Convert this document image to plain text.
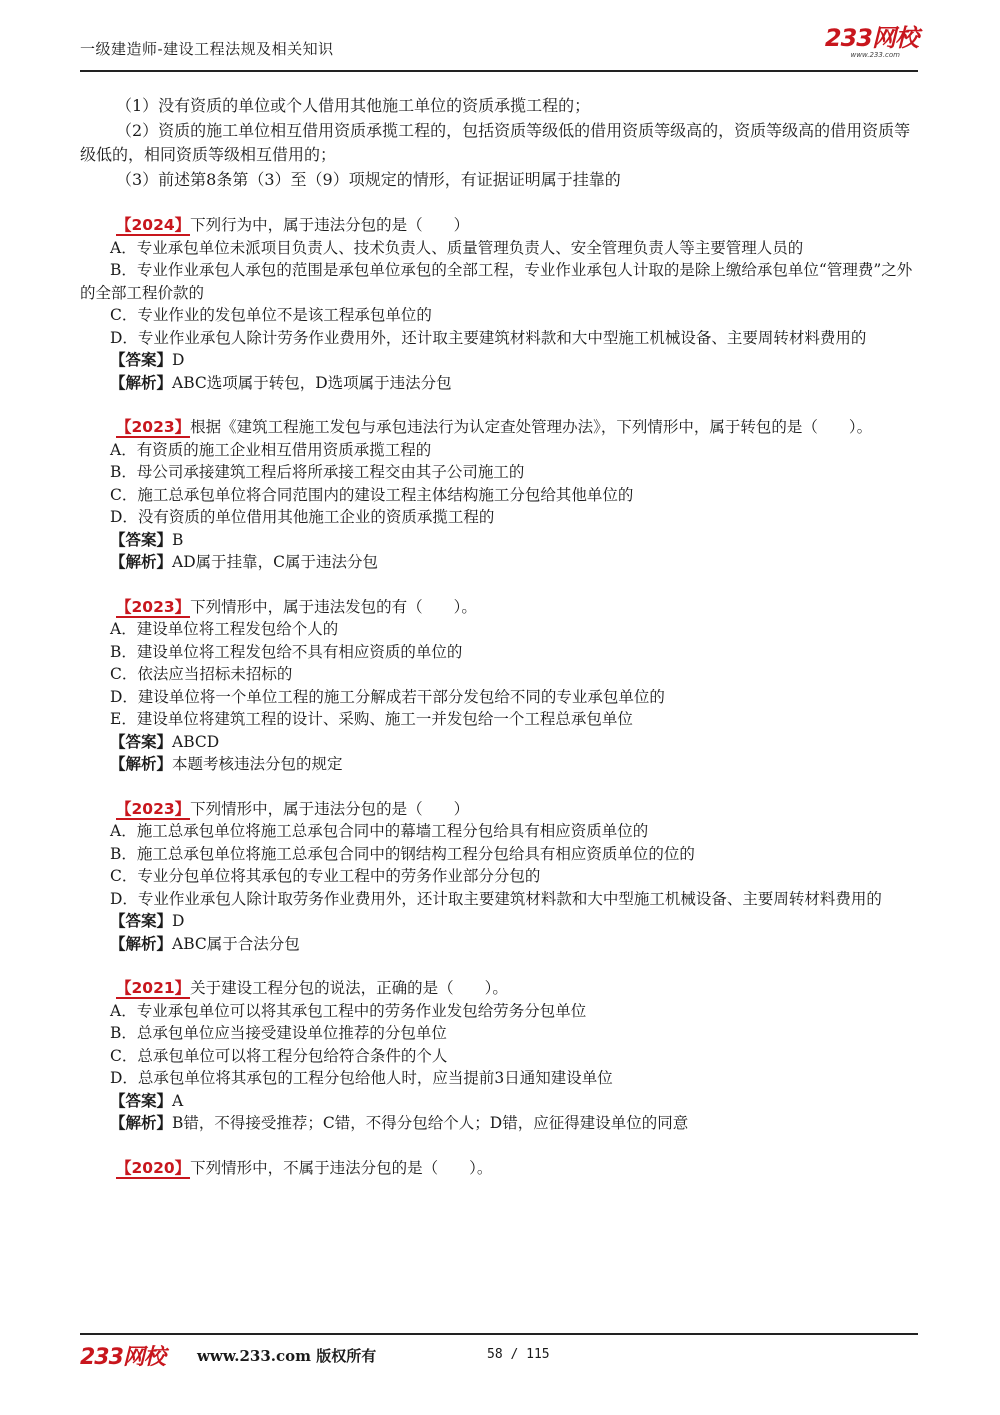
一级建造师-建设工程法规及相关知识	233网校
www.233.com

（1）没有资质的单位或个人借用其他施工单位的资质承揽工程的；

（2）资质的施工单位相互借用资质承揽工程的，包括资质等级低的借用资质等级高的，资质等级高的借用资质等级低的，相同资质等级相互借用的；

（3）前述第8条第（3）至（9）项规定的情形，有证据证明属于挂靠的

【2024】下列行为中，属于违法分包的是（　　）

A．专业承包单位未派项目负责人、技术负责人、质量管理负责人、安全管理负责人等主要管理人员的

B．专业作业承包人承包的范围是承包单位承包的全部工程，专业作业承包人计取的是除上缴给承包单位“管理费”之外的全部工程价款的

C．专业作业的发包单位不是该工程承包单位的

D．专业作业承包人除计劳务作业费用外，还计取主要建筑材料款和大中型施工机械设备、主要周转材料费用的

【答案】D

【解析】ABC选项属于转包，D选项属于违法分包

【2023】根据《建筑工程施工发包与承包违法行为认定查处管理办法》，下列情形中，属于转包的是（　　）。

A．有资质的施工企业相互借用资质承揽工程的

B．母公司承接建筑工程后将所承接工程交由其子公司施工的

C．施工总承包单位将合同范围内的建设工程主体结构施工分包给其他单位的

D．没有资质的单位借用其他施工企业的资质承揽工程的

【答案】B

【解析】AD属于挂靠，C属于违法分包

【2023】下列情形中，属于违法发包的有（　　）。

A．建设单位将工程发包给个人的

B．建设单位将工程发包给不具有相应资质的单位的

C．依法应当招标未招标的

D．建设单位将一个单位工程的施工分解成若干部分发包给不同的专业承包单位的

E．建设单位将建筑工程的设计、采购、施工一并发包给一个工程总承包单位

【答案】ABCD

【解析】本题考核违法分包的规定

【2023】下列情形中，属于违法分包的是（　　）

A．施工总承包单位将施工总承包合同中的幕墙工程分包给具有相应资质单位的

B．施工总承包单位将施工总承包合同中的钢结构工程分包给具有相应资质单位的位的

C．专业分包单位将其承包的专业工程中的劳务作业部分分包的

D．专业作业承包人除计取劳务作业费用外，还计取主要建筑材料款和大中型施工机械设备、主要周转材料费用的

【答案】D

【解析】ABC属于合法分包

【2021】关于建设工程分包的说法，正确的是（　　）。

A．专业承包单位可以将其承包工程中的劳务作业发包给劳务分包单位

B．总承包单位应当接受建设单位推荐的分包单位

C．总承包单位可以将工程分包给符合条件的个人

D．总承包单位将其承包的工程分包给他人时，应当提前3日通知建设单位

【答案】A

【解析】B错，不得接受推荐；C错，不得分包给个人；D错，应征得建设单位的同意

【2020】下列情形中，不属于违法分包的是（　　）。

233网校 www.233.com 版权所有	58 / 115
